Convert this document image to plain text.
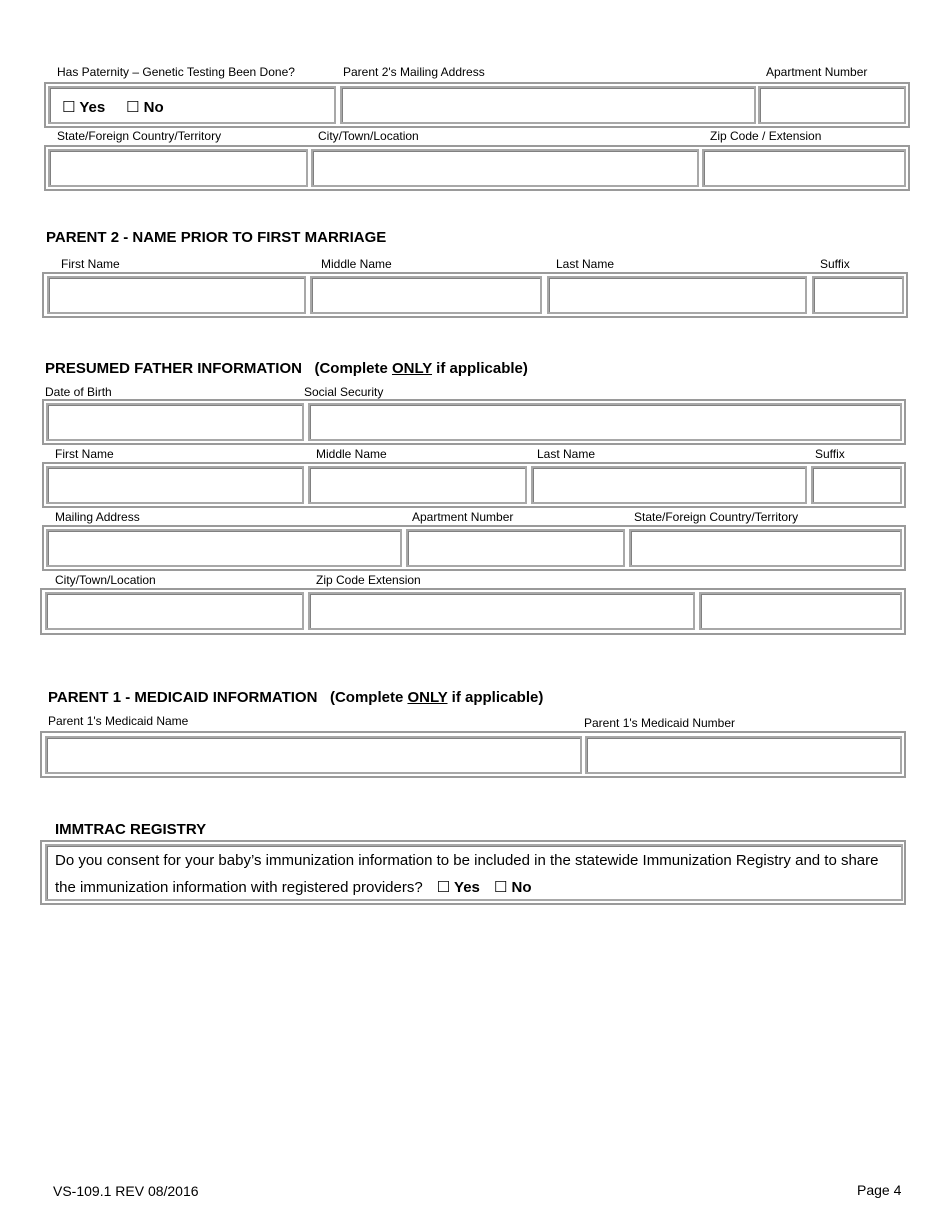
Has Paternity – Genetic Testing Been Done?	Parent 2's Mailing Address	Apartment Number
☐ Yes ☐ No
State/Foreign Country/Territory	City/Town/Location	Zip Code / Extension
PARENT 2 - NAME PRIOR TO FIRST MARRIAGE
First Name	Middle Name	Last Name	Suffix
PRESUMED FATHER INFORMATION (Complete ONLY if applicable)
Date of Birth	Social Security
First Name	Middle Name	Last Name	Suffix
Mailing Address	Apartment Number	State/Foreign Country/Territory
City/Town/Location	Zip Code Extension
PARENT 1 - MEDICAID INFORMATION (Complete ONLY if applicable)
Parent 1's Medicaid Name	Parent 1's Medicaid Number
IMMTRAC REGISTRY
Do you consent for your baby’s immunization information to be included in the statewide Immunization Registry and to share the immunization information with registered providers? ☐ Yes ☐ No
VS-109.1 REV 08/2016	Page 4
